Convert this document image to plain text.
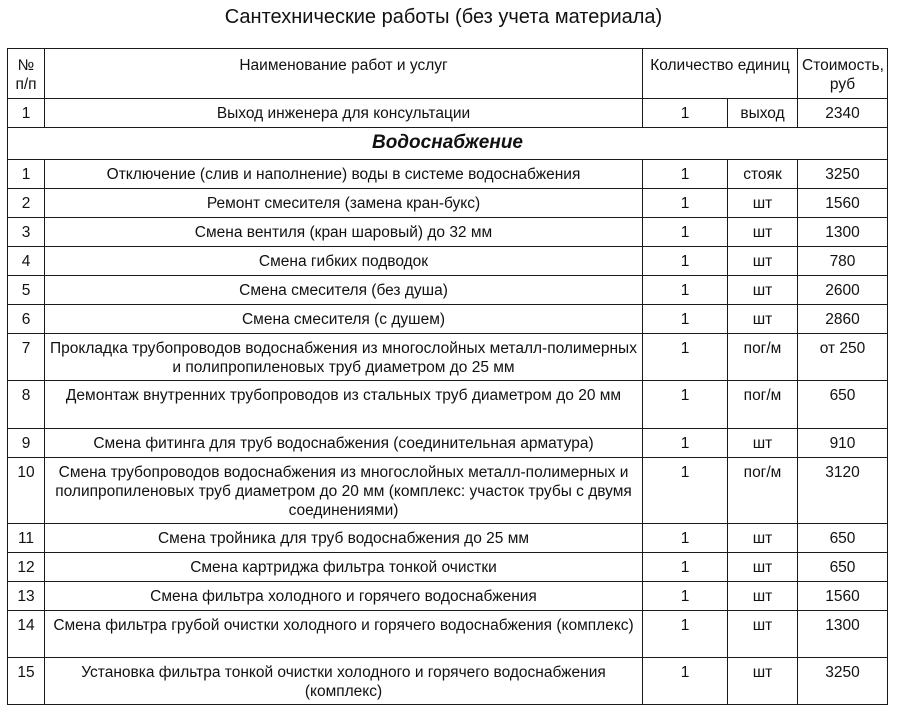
Сантехнические работы (без учета материала)
№ п/п	Наименование работ и услуг	Количество единиц		Стоимость, руб
1	Выход инженера для консультации	1	выход	2340
Водоснабжение				
1	Отключение (слив и наполнение) воды в системе водоснабжения	1	стояк	3250
2	Ремонт смесителя (замена кран-букс)	1	шт	1560
3	Смена вентиля (кран шаровый) до 32 мм	1	шт	1300
4	Смена гибких подводок	1	шт	780
5	Смена смесителя (без душа)	1	шт	2600
6	Смена смесителя (с душем)	1	шт	2860
7	Прокладка трубопроводов водоснабжения из многослойных металл-полимерных и полипропиленовых труб диаметром до 25 мм	1	пог/м	от 250
8	Демонтаж внутренних трубопроводов из стальных труб диаметром до 20 мм	1	пог/м	650
9	Смена фитинга для труб водоснабжения (соединительная арматура)	1	шт	910
10	Смена трубопроводов водоснабжения из многослойных металл-полимерных и полипропиленовых труб диаметром до 20 мм (комплекс: участок трубы с двумя соединениями)	1	пог/м	3120
11	Смена тройника для труб водоснабжения до 25 мм	1	шт	650
12	Смена картриджа фильтра тонкой очистки	1	шт	650
13	Смена фильтра холодного и горячего водоснабжения	1	шт	1560
14	Смена фильтра грубой очистки холодного и горячего водоснабжения (комплекс)	1	шт	1300
15	Установка фильтра тонкой очистки холодного и горячего водоснабжения (комплекс)	1	шт	3250
